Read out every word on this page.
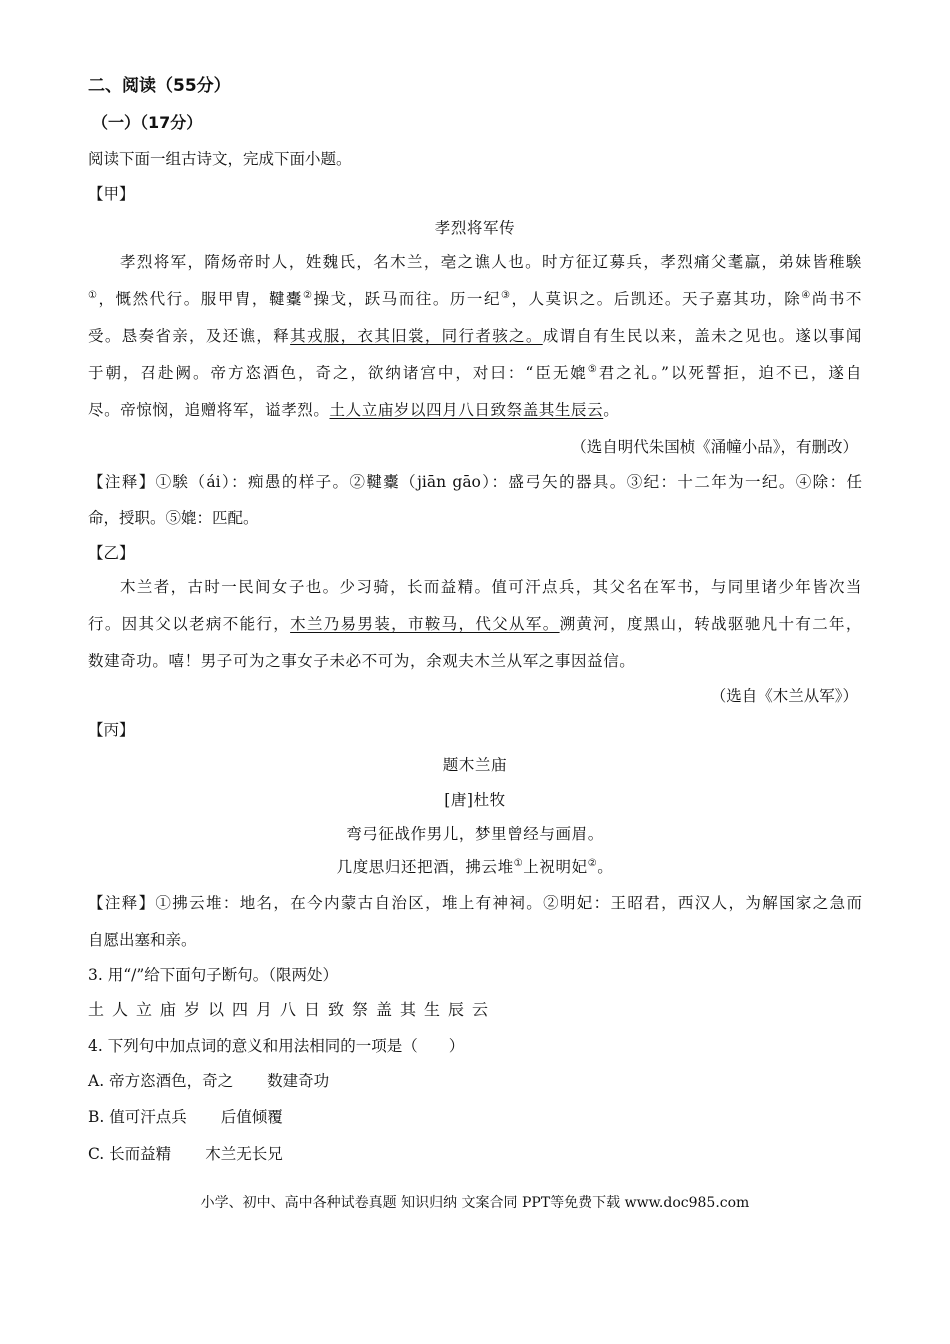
二、阅读（55分）
（一）（17分）
阅读下面一组古诗文，完成下面小题。
【甲】
孝烈将军传
孝烈将军，隋炀帝时人，姓魏氏，名木兰，亳之谯人也。时方征辽募兵，孝烈痛父耄羸，弟妹皆稚騃
①，慨然代行。服甲胄，鞬櫜②操戈，跃马而往。历一纪③，人莫识之。后凯还。天子嘉其功，除④尚书不
受。恳奏省亲，及还谯，释其戎服，衣其旧裳，同行者骇之。成谓自有生民以来，盖未之见也。遂以事闻
于朝，召赴阙。帝方恣酒色，奇之，欲纳诸宫中，对曰：“臣无媲⑤君之礼。”以死誓拒，迫不已，遂自
尽。帝惊悯，追赠将军，谥孝烈。土人立庙岁以四月八日致祭盖其生辰云。
（选自明代朱国桢《涌幢小品》，有删改）
【注释】①騃（ái）：痴愚的样子。②鞬櫜（jiān gāo）：盛弓矢的器具。③纪：十二年为一纪。④除：任
命，授职。⑤媲：匹配。
【乙】
木兰者，古时一民间女子也。少习骑，长而益精。值可汗点兵，其父名在军书，与同里诸少年皆次当
行。因其父以老病不能行，木兰乃易男装，市鞍马，代父从军。溯黄河，度黑山，转战驱驰凡十有二年，
数建奇功。嘻！男子可为之事女子未必不可为，余观夫木兰从军之事因益信。
（选自《木兰从军》）
【丙】
题木兰庙
[唐]杜牧
弯弓征战作男儿，梦里曾经与画眉。
几度思归还把酒，拂云堆①上祝明妃②。
【注释】①拂云堆：地名，在今内蒙古自治区，堆上有神祠。②明妃：王昭君，西汉人，为解国家之急而
自愿出塞和亲。
3. 用“/”给下面句子断句。（限两处）
土人立庙岁以四月八日致祭盖其生辰云
4. 下列句中加点词的意义和用法相同的一项是（　　）
A. 帝方恣酒色，奇之 数建奇功
B. 值可汗点兵 后值倾覆
C. 长而益精 木兰无长兄
小学、初中、高中各种试卷真题 知识归纳 文案合同 PPT等免费下载 www.doc985.com
